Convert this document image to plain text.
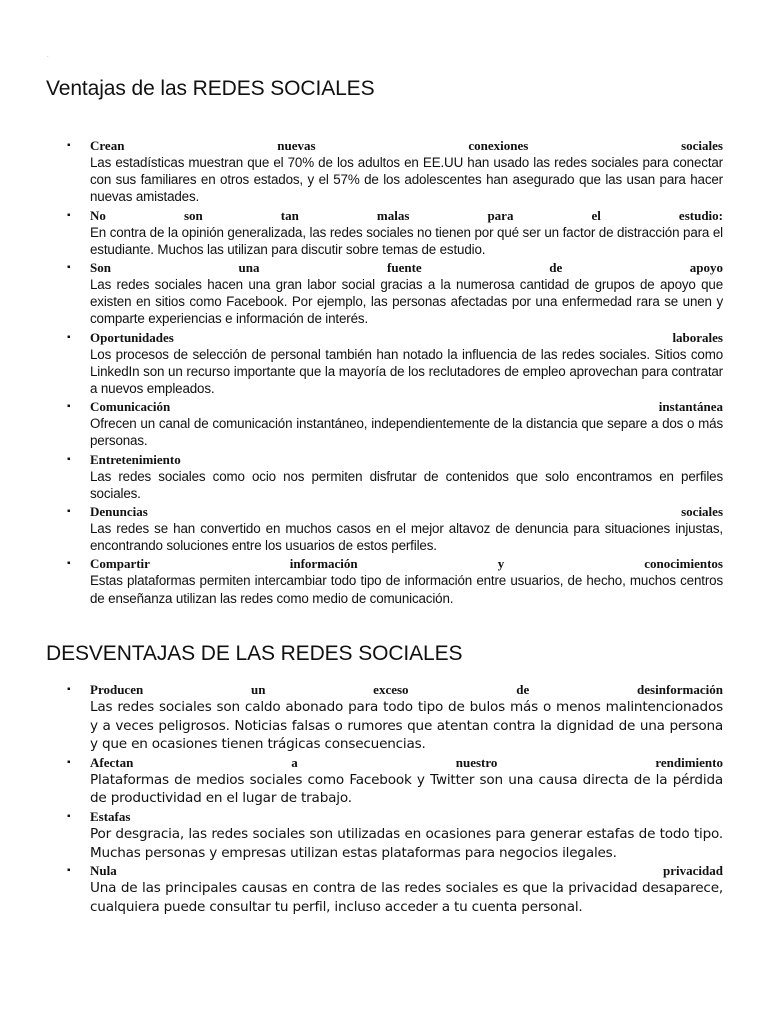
.
Ventajas de las REDES SOCIALES
▪ Crean nuevas conexiones sociales
Las estadísticas muestran que el 70% de los adultos en EE.UU han usado las redes sociales para conectar con sus familiares en otros estados, y el 57% de los adolescentes han asegurado que las usan para hacer nuevas amistades.
▪ No son tan malas para el estudio:
En contra de la opinión generalizada, las redes sociales no tienen por qué ser un factor de distracción para el estudiante. Muchos las utilizan para discutir sobre temas de estudio.
▪ Son una fuente de apoyo
Las redes sociales hacen una gran labor social gracias a la numerosa cantidad de grupos de apoyo que existen en sitios como Facebook. Por ejemplo, las personas afectadas por una enfermedad rara se unen y comparte experiencias e información de interés.
▪ Oportunidades laborales
Los procesos de selección de personal también han notado la influencia de las redes sociales. Sitios como LinkedIn son un recurso importante que la mayoría de los reclutadores de empleo aprovechan para contratar a nuevos empleados.
▪ Comunicación instantánea
Ofrecen un canal de comunicación instantáneo, independientemente de la distancia que separe a dos o más personas.
▪ Entretenimiento
Las redes sociales como ocio nos permiten disfrutar de contenidos que solo encontramos en perfiles sociales.
▪ Denuncias sociales
Las redes se han convertido en muchos casos en el mejor altavoz de denuncia para situaciones injustas, encontrando soluciones entre los usuarios de estos perfiles.
▪ Compartir información y conocimientos
Estas plataformas permiten intercambiar todo tipo de información entre usuarios, de hecho, muchos centros de enseñanza utilizan las redes como medio de comunicación.
DESVENTAJAS DE LAS REDES SOCIALES
▪ Producen un exceso de desinformación
Las redes sociales son caldo abonado para todo tipo de bulos más o menos malintencionados y a veces peligrosos. Noticias falsas o rumores que atentan contra la dignidad de una persona y que en ocasiones tienen trágicas consecuencias.
▪ Afectan a nuestro rendimiento
Plataformas de medios sociales como Facebook y Twitter son una causa directa de la pérdida de productividad en el lugar de trabajo.
▪ Estafas
Por desgracia, las redes sociales son utilizadas en ocasiones para generar estafas de todo tipo. Muchas personas y empresas utilizan estas plataformas para negocios ilegales.
▪ Nula privacidad
Una de las principales causas en contra de las redes sociales es que la privacidad desaparece, cualquiera puede consultar tu perfil, incluso acceder a tu cuenta personal.
